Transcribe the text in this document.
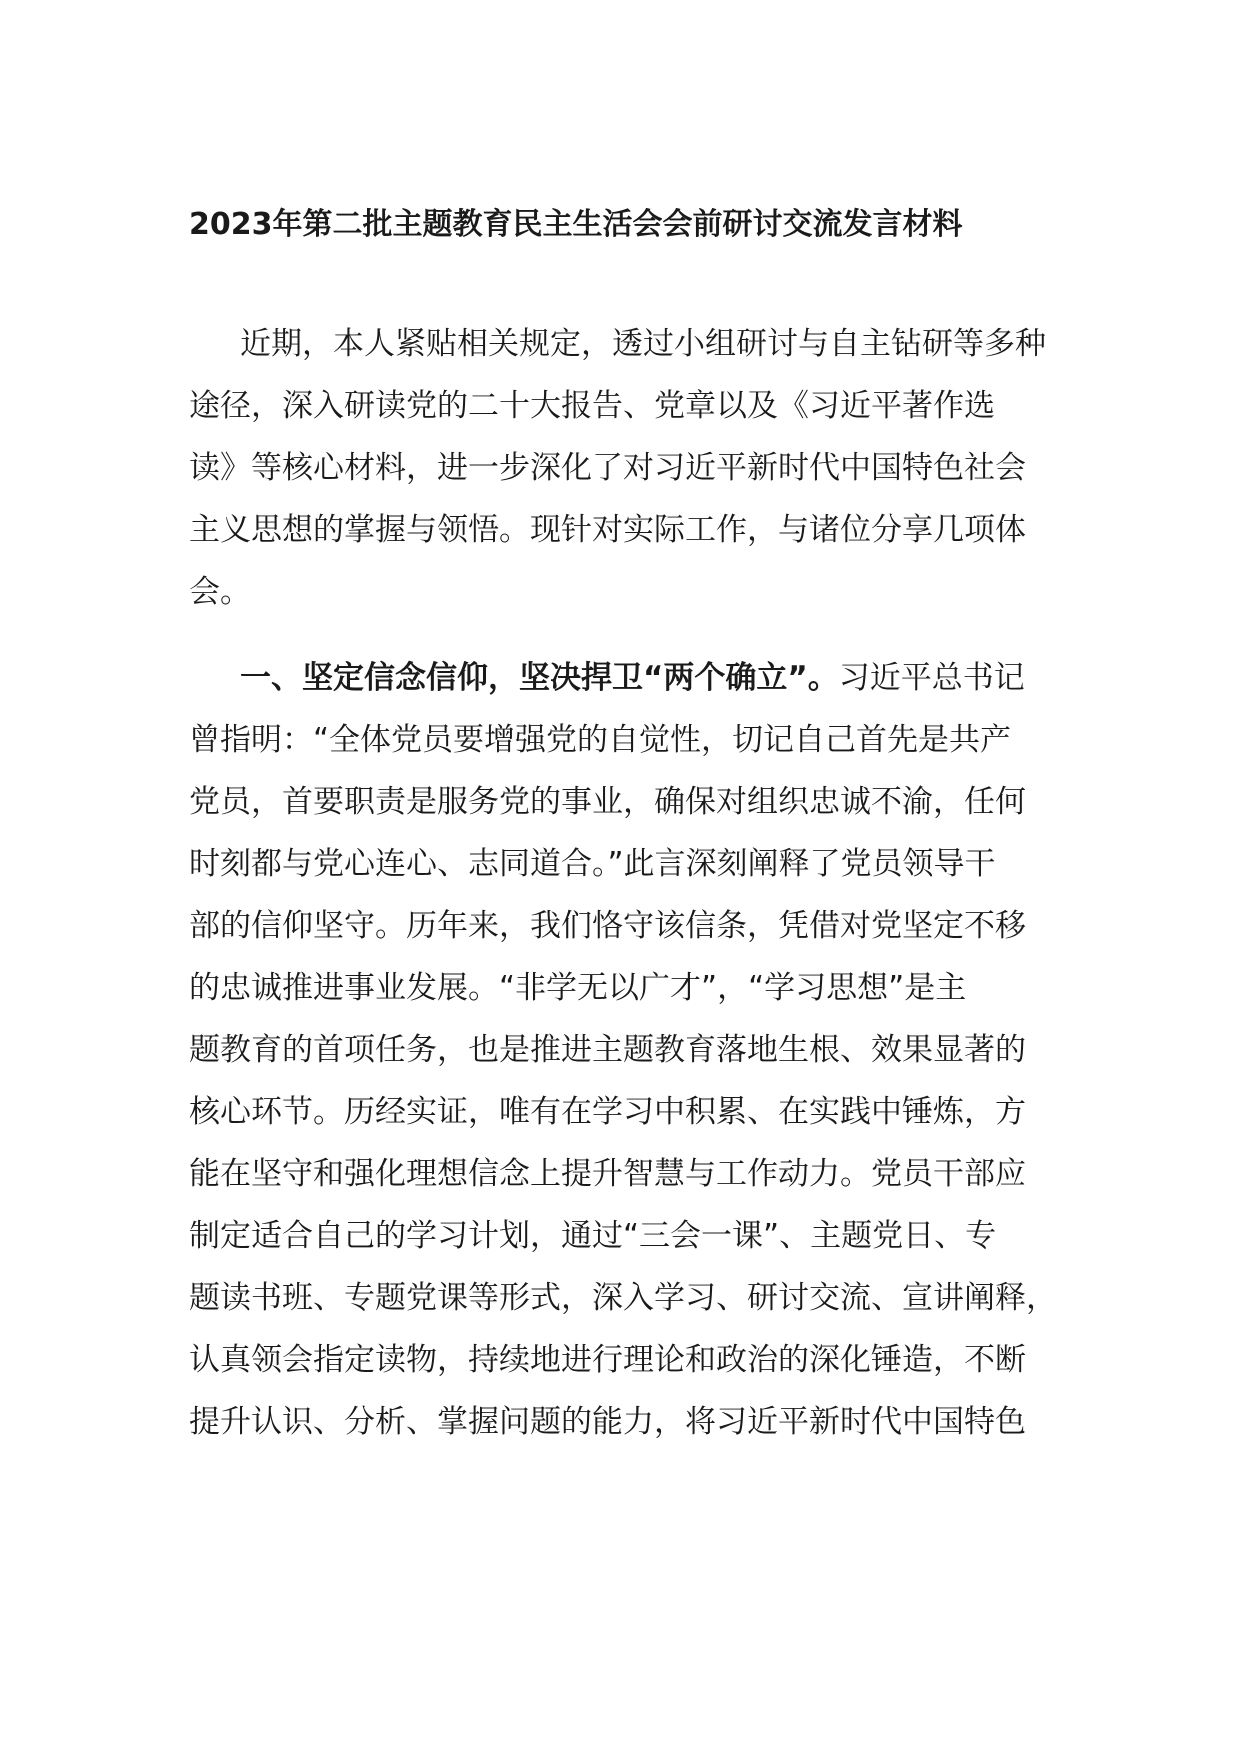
2023年第二批主题教育民主生活会会前研讨交流发言材料

近期，本人紧贴相关规定，透过小组研讨与自主钻研等多种

途径，深入研读党的二十大报告、党章以及《习近平著作选

读》等核心材料，进一步深化了对习近平新时代中国特色社会

主义思想的掌握与领悟。现针对实际工作，与诸位分享几项体

会。

一、坚定信念信仰，坚决捍卫“两个确立”。习近平总书记

曾指明：“全体党员要增强党的自觉性，切记自己首先是共产

党员，首要职责是服务党的事业，确保对组织忠诚不渝，任何

时刻都与党心连心、志同道合。”此言深刻阐释了党员领导干

部的信仰坚守。历年来，我们恪守该信条，凭借对党坚定不移

的忠诚推进事业发展。“非学无以广才”，“学习思想”是主

题教育的首项任务，也是推进主题教育落地生根、效果显著的

核心环节。历经实证，唯有在学习中积累、在实践中锤炼，方

能在坚守和强化理想信念上提升智慧与工作动力。党员干部应

制定适合自己的学习计划，通过“三会一课”、主题党日、专

题读书班、专题党课等形式，深入学习、研讨交流、宣讲阐释，

认真领会指定读物，持续地进行理论和政治的深化锤造，不断

提升认识、分析、掌握问题的能力，将习近平新时代中国特色
